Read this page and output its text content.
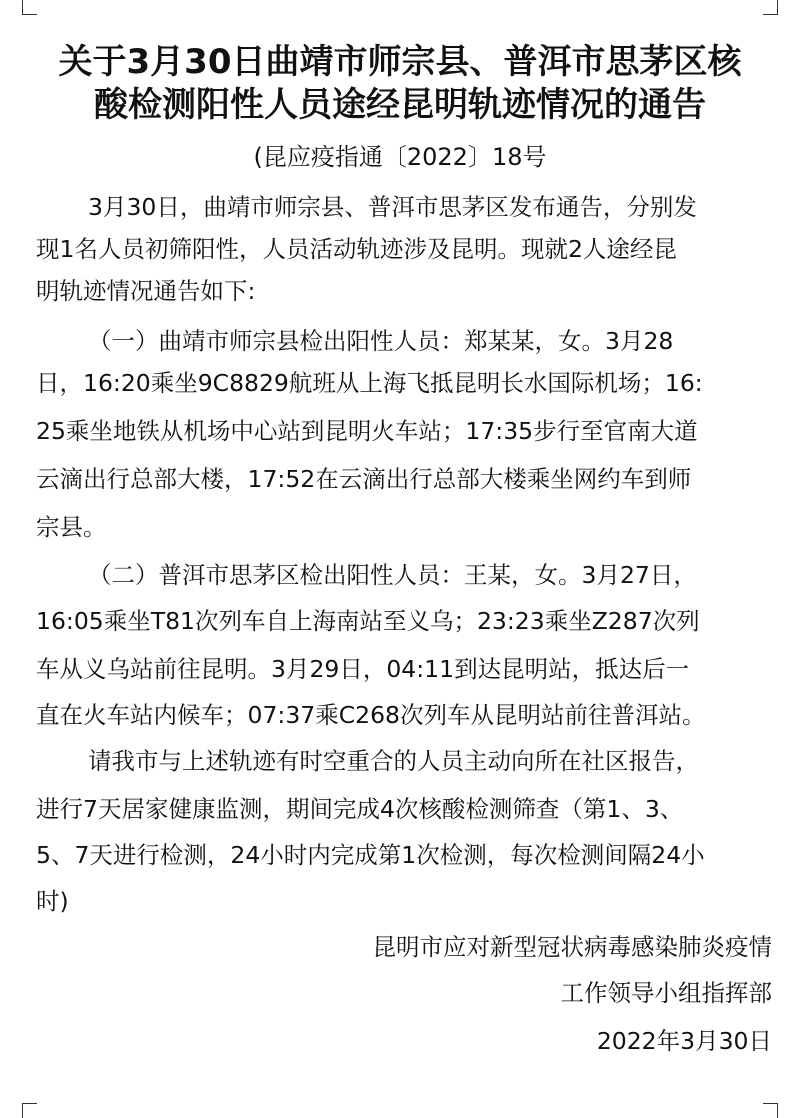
关于3月30日曲靖市师宗县、普洱市思茅区核
酸检测阳性人员途经昆明轨迹情况的通告
(昆应疫指通〔2022〕18号
3月30日，曲靖市师宗县、普洱市思茅区发布通告，分别发
现1名人员初筛阳性，人员活动轨迹涉及昆明。现就2人途经昆
明轨迹情况通告如下:
（一）曲靖市师宗县检出阳性人员：郑某某，女。3月28
日，16:20乘坐9C8829航班从上海飞抵昆明长水国际机场；16:
25乘坐地铁从机场中心站到昆明火车站；17:35步行至官南大道
云滴出行总部大楼，17:52在云滴出行总部大楼乘坐网约车到师
宗县。
（二）普洱市思茅区检出阳性人员：王某，女。3月27日，
16:05乘坐T81次列车自上海南站至义乌；23:23乘坐Z287次列
车从义乌站前往昆明。3月29日，04:11到达昆明站，抵达后一
直在火车站内候车；07:37乘C268次列车从昆明站前往普洱站。
请我市与上述轨迹有时空重合的人员主动向所在社区报告，
进行7天居家健康监测，期间完成4次核酸检测筛查（第1、3、
5、7天进行检测，24小时内完成第1次检测，每次检测间隔24小
时)
昆明市应对新型冠状病毒感染肺炎疫情
工作领导小组指挥部
2022年3月30日
